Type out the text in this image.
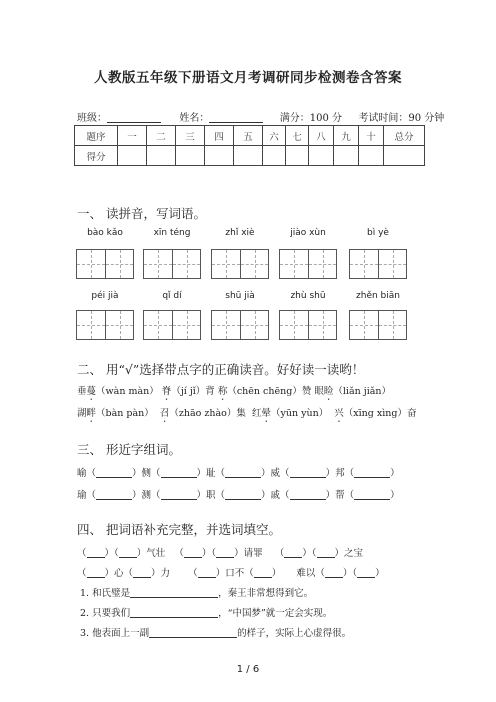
人教版五年级下册语文月考调研同步检测卷含答案
班级：	姓名：	满分：100 分 考试时间：90 分钟
题序	一	二	三	四	五	六	七	八	九	十	总分
得分											
一、 读拼音，写词语。
bào kǎo	xīn téng	zhǐ xiè	jiào xùn	bì yè
péi jià	qǐ dí	shū jià	zhù shū	zhěn biān
二、 用“√”选择带点字的正确读音。好好读一读哟！
垂蔓（wàn màn） 脊（jí jǐ）背 称（chēn chēng）赞 眼睑（liǎn jiǎn）
湖畔（bàn pàn） 召（zhāo zhào）集 红晕（yūn yùn） 兴（xīng xìng）奋
三、 形近字组词。
喻（	）侧（	）耻（	）威（	）邦（	）
瑜（	）测（	）职（	）戚（	）帮（	）
四、 把词语补充完整，并选词填空。
（ ）（ ）气壮 （ ）（ ）请罪 （ ）（ ）之宝
（ ）心（ ）力 （ ）口不（ ） 难以（ ）（ ）
1. 和氏璧是	，秦王非常想得到它。
2. 只要我们	，“中国梦”就一定会实现。
3. 他表面上一副	的样子，实际上心虚得很。
1 / 6
